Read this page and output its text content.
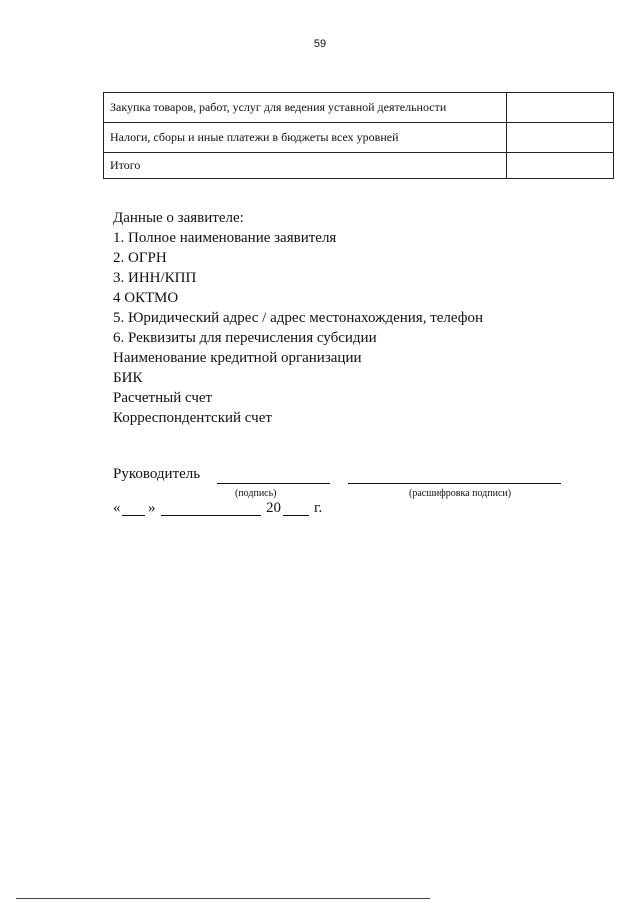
59
Закупка товаров, работ, услуг для ведения уставной деятельности	
Налоги, сборы и иные платежи в бюджеты всех уровней	
Итого	
Данные о заявителе:
1. Полное наименование заявителя
2. ОГРН
3. ИНН/КПП
4 ОКТМО
5. Юридический адрес / адрес местонахождения, телефон
6. Реквизиты для перечисления субсидии
Наименование кредитной организации
БИК
Расчетный счет
Корреспондентский счет
Руководитель
(подпись)	(расшифровка подписи)
« »	20 г.
